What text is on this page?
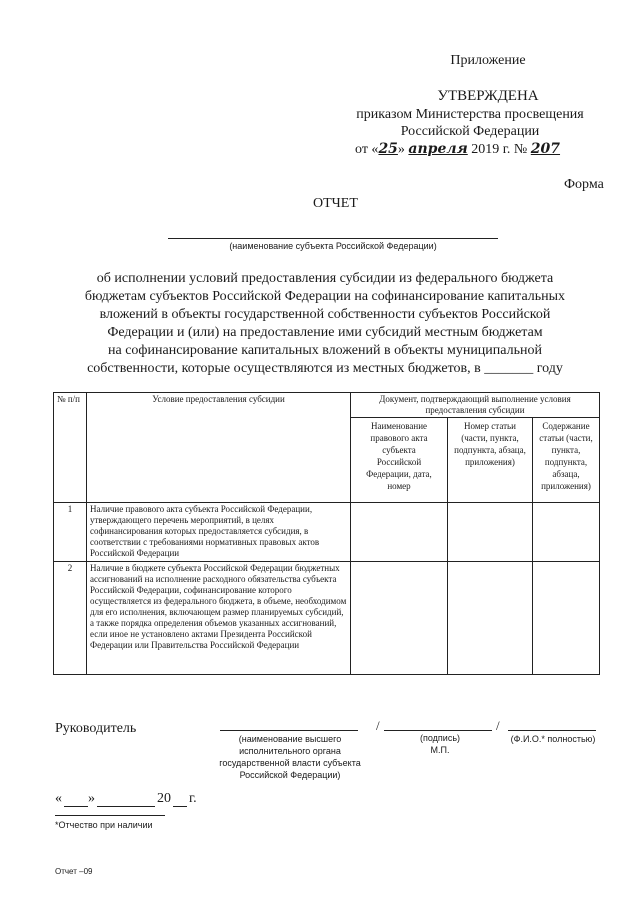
Приложение
УТВЕРЖДЕНА
приказом Министерства просвещения
Российской Федерации
от «25» апреля 2019 г. № 207
Форма
ОТЧЕТ
(наименование субъекта Российской Федерации)
об исполнении условий предоставления субсидии из федерального бюджета
бюджетам субъектов Российской Федерации на софинансирование капитальных
вложений в объекты государственной собственности субъектов Российской
Федерации и (или) на предоставление ими субсидий местным бюджетам
на софинансирование капитальных вложений в объекты муниципальной
собственности, которые осуществляются из местных бюджетов, в _______ году
№ п/п	Условие предоставления субсидии	Документ, подтверждающий выполнение условия предоставления субсидии		
		Наименование правового акта субъекта Российской Федерации, дата, номер	Номер статьи (части, пункта, подпункта, абзаца, приложения)	Содержание статьи (части, пункта, подпункта, абзаца, приложения)
1	Наличие правового акта субъекта Российской Федерации, утверждающего перечень мероприятий, в целях софинансирования которых предоставляется субсидия, в соответствии с требованиями нормативных правовых актов Российской Федерации			
2	Наличие в бюджете субъекта Российской Федерации бюджетных ассигнований на исполнение расходного обязательства субъекта Российской Федерации, софинансирование которого осуществляется из федерального бюджета, в объеме, необходимом для его исполнения, включающем размер планируемых субсидий, а также порядка определения объемов указанных ассигнований, если иное не установлено актами Президента Российской Федерации или Правительства Российской Федерации			
Руководитель
(наименование высшего исполнительного органа государственной власти субъекта Российской Федерации)
/
(подпись)
М.П.
/
(Ф.И.О.* полностью)
« »	20 г.
*Отчество при наличии
Отчет –09
